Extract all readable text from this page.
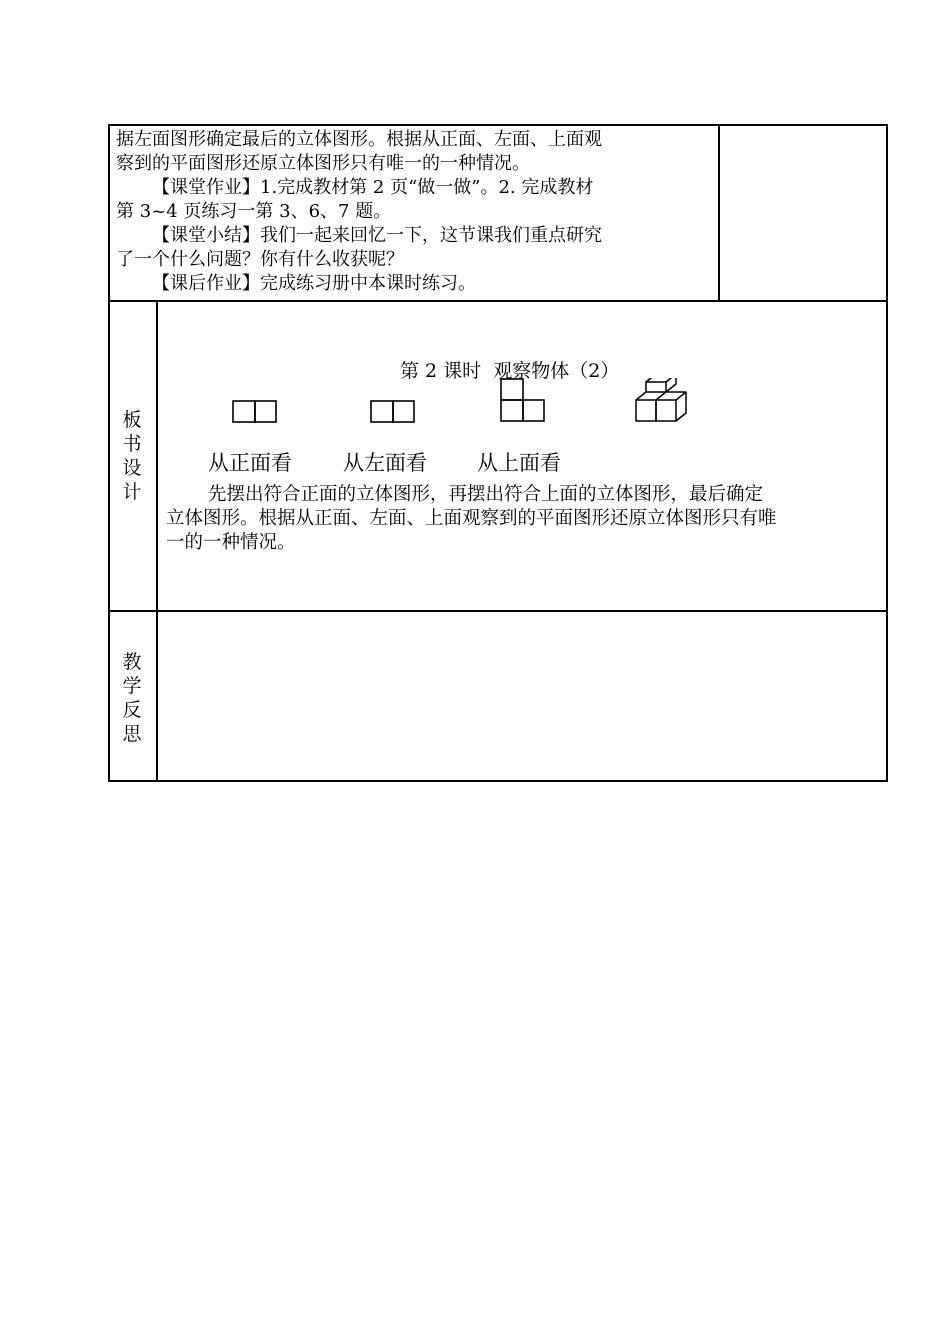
据左面图形确定最后的立体图形。根据从正面、左面、上面观
察到的平面图形还原立体图形只有唯一的一种情况。
【课堂作业】1.完成教材第 2 页“做一做”。2. 完成教材
第 3~4 页练习一第 3、6、7 题。
【课堂小结】我们一起来回忆一下，这节课我们重点研究
了一个什么问题？你有什么收获呢？
【课后作业】完成练习册中本课时练习。
板
书
设
计
第 2 课时  观察物体（2）
从正面看 从左面看 从上面看
先摆出符合正面的立体图形，再摆出符合上面的立体图形，最后确定
立体图形。根据从正面、左面、上面观察到的平面图形还原立体图形只有唯
一的一种情况。
教
学
反
思
